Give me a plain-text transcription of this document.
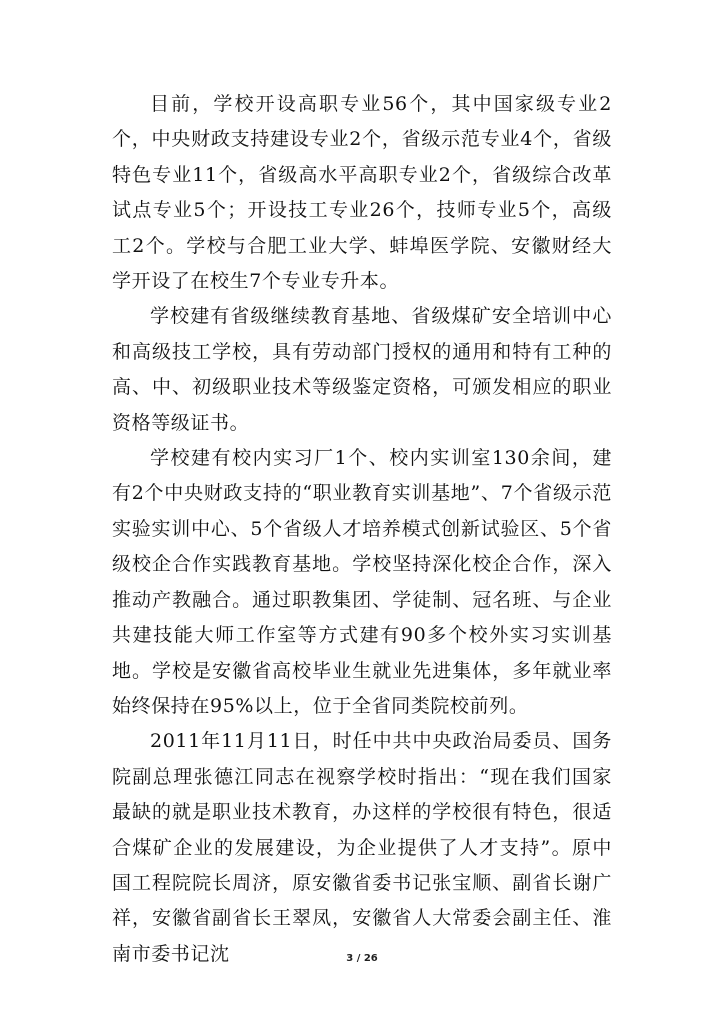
目前，学校开设高职专业56个，其中国家级专业2个，中央财政支持建设专业2个，省级示范专业4个，省级特色专业11个，省级高水平高职专业2个，省级综合改革试点专业5个；开设技工专业26个，技师专业5个，高级工2个。学校与合肥工业大学、蚌埠医学院、安徽财经大学开设了在校生7个专业专升本。

学校建有省级继续教育基地、省级煤矿安全培训中心和高级技工学校，具有劳动部门授权的通用和特有工种的高、中、初级职业技术等级鉴定资格，可颁发相应的职业资格等级证书。

学校建有校内实习厂1个、校内实训室130余间，建有2个中央财政支持的“职业教育实训基地”、7个省级示范实验实训中心、5个省级人才培养模式创新试验区、5个省级校企合作实践教育基地。学校坚持深化校企合作，深入推动产教融合。通过职教集团、学徒制、冠名班、与企业共建技能大师工作室等方式建有90多个校外实习实训基地。学校是安徽省高校毕业生就业先进集体，多年就业率始终保持在95%以上，位于全省同类院校前列。

2011年11月11日，时任中共中央政治局委员、国务院副总理张德江同志在视察学校时指出：“现在我们国家最缺的就是职业技术教育，办这样的学校很有特色，很适合煤矿企业的发展建设，为企业提供了人才支持”。原中国工程院院长周济，原安徽省委书记张宝顺、副省长谢广祥，安徽省副省长王翠凤，安徽省人大常委会副主任、淮南市委书记沈	3 / 26
